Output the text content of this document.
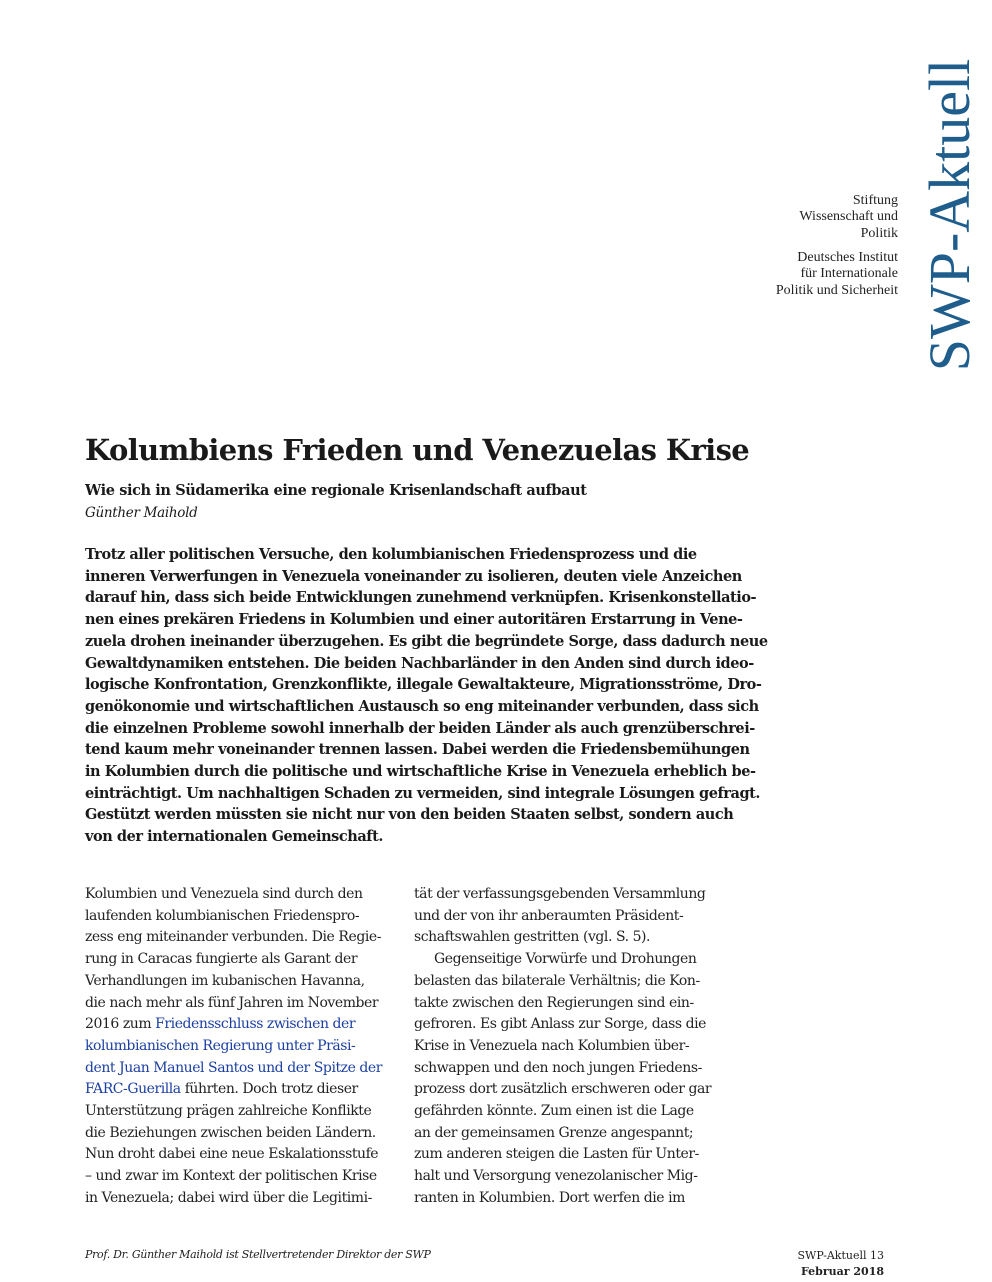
SWP-Aktuell
Stiftung
Wissenschaft und
Politik
Deutsches Institut
für Internationale
Politik und Sicherheit
Kolumbiens Frieden und Venezuelas Krise
Wie sich in Südamerika eine regionale Krisenlandschaft aufbaut
Günther Maihold
Trotz aller politischen Versuche, den kolumbianischen Friedensprozess und die
inneren Verwerfungen in Venezuela voneinander zu isolieren, deuten viele Anzeichen
darauf hin, dass sich beide Entwicklungen zunehmend verknüpfen. Krisenkonstellatio-
nen eines prekären Friedens in Kolumbien und einer autoritären Erstarrung in Vene-
zuela drohen ineinander überzugehen. Es gibt die begründete Sorge, dass dadurch neue
Gewaltdynamiken entstehen. Die beiden Nachbarländer in den Anden sind durch ideo-
logische Konfrontation, Grenzkonflikte, illegale Gewaltakteure, Migrationsströme, Dro-
genökonomie und wirtschaftlichen Austausch so eng miteinander verbunden, dass sich
die einzelnen Probleme sowohl innerhalb der beiden Länder als auch grenzüberschrei-
tend kaum mehr voneinander trennen lassen. Dabei werden die Friedensbemühungen
in Kolumbien durch die politische und wirtschaftliche Krise in Venezuela erheblich be-
einträchtigt. Um nachhaltigen Schaden zu vermeiden, sind integrale Lösungen gefragt.
Gestützt werden müssten sie nicht nur von den beiden Staaten selbst, sondern auch
von der internationalen Gemeinschaft.
Kolumbien und Venezuela sind durch den
laufenden kolumbianischen Friedenspro-
zess eng miteinander verbunden. Die Regie-
rung in Caracas fungierte als Garant der
Verhandlungen im kubanischen Havanna,
die nach mehr als fünf Jahren im November
2016 zum Friedensschluss zwischen der
kolumbianischen Regierung unter Präsi-
dent Juan Manuel Santos und der Spitze der
FARC-Guerilla führten. Doch trotz dieser
Unterstützung prägen zahlreiche Konflikte
die Beziehungen zwischen beiden Ländern.
Nun droht dabei eine neue Eskalationsstufe
– und zwar im Kontext der politischen Krise
in Venezuela; dabei wird über die Legitimi-
tät der verfassungsgebenden Versammlung
und der von ihr anberaumten Präsident-
schaftswahlen gestritten (vgl. S. 5).
Gegenseitige Vorwürfe und Drohungen
belasten das bilaterale Verhältnis; die Kon-
takte zwischen den Regierungen sind ein-
gefroren. Es gibt Anlass zur Sorge, dass die
Krise in Venezuela nach Kolumbien über-
schwappen und den noch jungen Friedens-
prozess dort zusätzlich erschweren oder gar
gefährden könnte. Zum einen ist die Lage
an der gemeinsamen Grenze angespannt;
zum anderen steigen die Lasten für Unter-
halt und Versorgung venezolanischer Mig-
ranten in Kolumbien. Dort werfen die im
Prof. Dr. Günther Maihold ist Stellvertretender Direktor der SWP	SWP-Aktuell 13
Februar 2018
